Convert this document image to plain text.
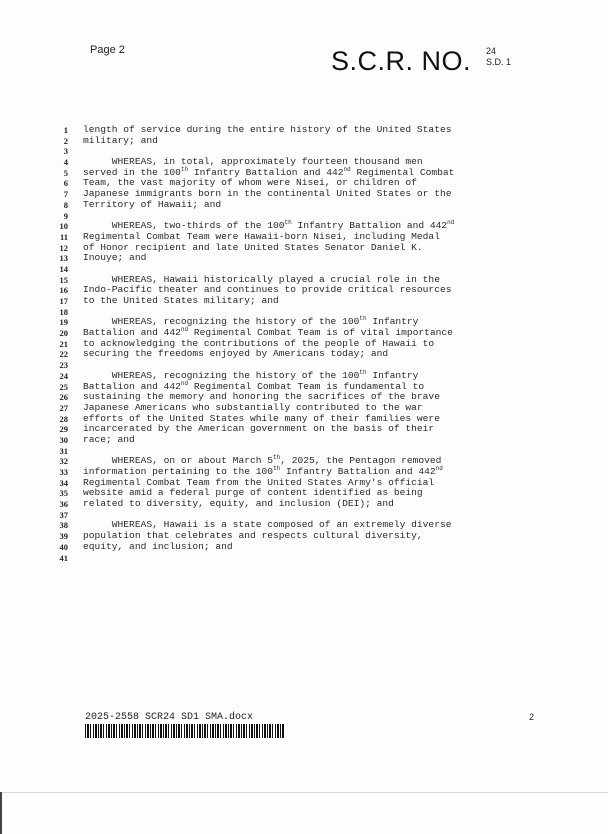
Page 2	S.C.R. NO. 24
S.D. 1
1 length of service during the entire history of the United States
2 military; and
3
4 WHEREAS, in total, approximately fourteen thousand men
5 served in the 100th Infantry Battalion and 442nd Regimental Combat
6 Team, the vast majority of whom were Nisei, or children of
7 Japanese immigrants born in the continental United States or the
8 Territory of Hawaii; and
9
10 WHEREAS, two-thirds of the 100th Infantry Battalion and 442nd
11 Regimental Combat Team were Hawaii-born Nisei, including Medal
12 of Honor recipient and late United States Senator Daniel K.
13 Inouye; and
14
15 WHEREAS, Hawaii historically played a crucial role in the
16 Indo-Pacific theater and continues to provide critical resources
17 to the United States military; and
18
19 WHEREAS, recognizing the history of the 100th Infantry
20 Battalion and 442nd Regimental Combat Team is of vital importance
21 to acknowledging the contributions of the people of Hawaii to
22 securing the freedoms enjoyed by Americans today; and
23
24 WHEREAS, recognizing the history of the 100th Infantry
25 Battalion and 442nd Regimental Combat Team is fundamental to
26 sustaining the memory and honoring the sacrifices of the brave
27 Japanese Americans who substantially contributed to the war
28 efforts of the United States while many of their families were
29 incarcerated by the American government on the basis of their
30 race; and
31
32 WHEREAS, on or about March 5th, 2025, the Pentagon removed
33 information pertaining to the 100th Infantry Battalion and 442nd
34 Regimental Combat Team from the United States Army's official
35 website amid a federal purge of content identified as being
36 related to diversity, equity, and inclusion (DEI); and
37
38 WHEREAS, Hawaii is a state composed of an extremely diverse
39 population that celebrates and respects cultural diversity,
40 equity, and inclusion; and
41
2025-2558 SCR24 SD1 SMA.docx	2
